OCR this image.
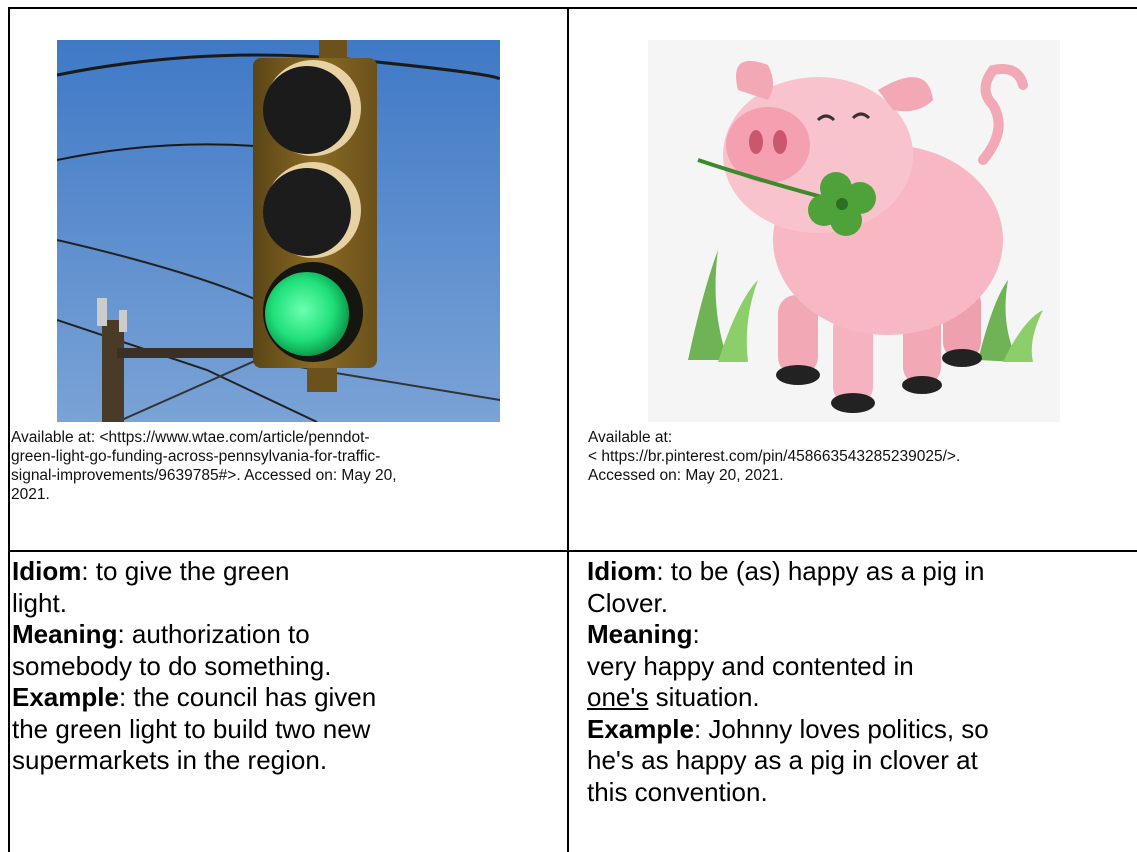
Available at: <https://www.wtae.com/article/penndot-
green-light-go-funding-across-pennsylvania-for-traffic-
signal-improvements/9639785#>. Accessed on: May 20,
2021.
Available at:
< https://br.pinterest.com/pin/458663543285239025/>.
Accessed on: May 20, 2021.
Idiom: to give the green
light.
Meaning: authorization to
somebody to do something.
Example: the council has given
the green light to build two new
supermarkets in the region.
Idiom: to be (as) happy as a pig in
Clover.
Meaning:
very happy and contented in
one's situation.
Example: Johnny loves politics, so
he's as happy as a pig in clover at
this convention.
